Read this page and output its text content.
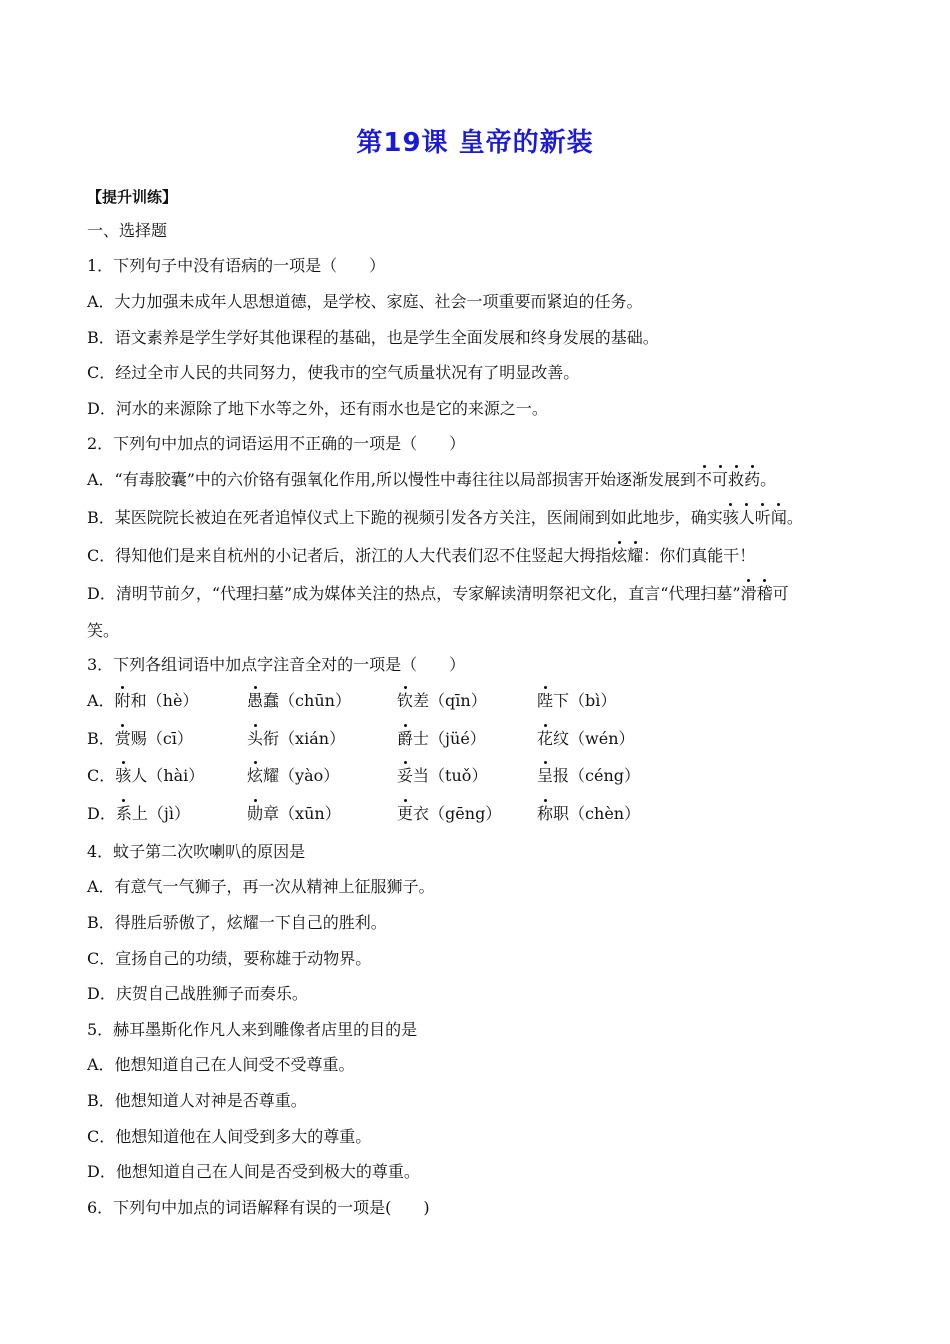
第19课 皇帝的新装
【提升训练】
一、选择题
1．下列句子中没有语病的一项是（　　）
A．大力加强未成年人思想道德，是学校、家庭、社会一项重要而紧迫的任务。
B．语文素养是学生学好其他课程的基础，也是学生全面发展和终身发展的基础。
C．经过全市人民的共同努力，使我市的空气质量状况有了明显改善。
D．河水的来源除了地下水等之外，还有雨水也是它的来源之一。
2．下列句中加点的词语运用不正确的一项是（　　）
A．“有毒胶囊”中的六价铬有强氧化作用,所以慢性中毒往往以局部损害开始逐渐发展到不可救药。
B．某医院院长被迫在死者追悼仪式上下跪的视频引发各方关注，医闹闹到如此地步，确实骇人听闻。
C．得知他们是来自杭州的小记者后，浙江的人大代表们忍不住竖起大拇指炫耀：你们真能干！
D．清明节前夕，“代理扫墓”成为媒体关注的热点，专家解读清明祭祀文化，直言“代理扫墓”滑稽可
笑。
3．下列各组词语中加点字注音全对的一项是（　　）
A．附和（hè）	愚蠢（chūn）	钦差（qīn）	陛下（bì）
B．赏赐（cī）	头衔（xián）	爵士（jüé）	花纹（wén）
C．骇人（hài）	炫耀（yào）	妥当（tuǒ）	呈报（céng）
D．系上（jì）	勋章（xūn）	更衣（gēng） 称职（chèn）
4．蚊子第二次吹喇叭的原因是
A．有意气一气狮子，再一次从精神上征服狮子。
B．得胜后骄傲了，炫耀一下自己的胜利。
C．宣扬自己的功绩，要称雄于动物界。
D．庆贺自己战胜狮子而奏乐。
5．赫耳墨斯化作凡人来到雕像者店里的目的是
A．他想知道自己在人间受不受尊重。
B．他想知道人对神是否尊重。
C．他想知道他在人间受到多大的尊重。
D．他想知道自己在人间是否受到极大的尊重。
6．下列句中加点的词语解释有误的一项是(　　)
